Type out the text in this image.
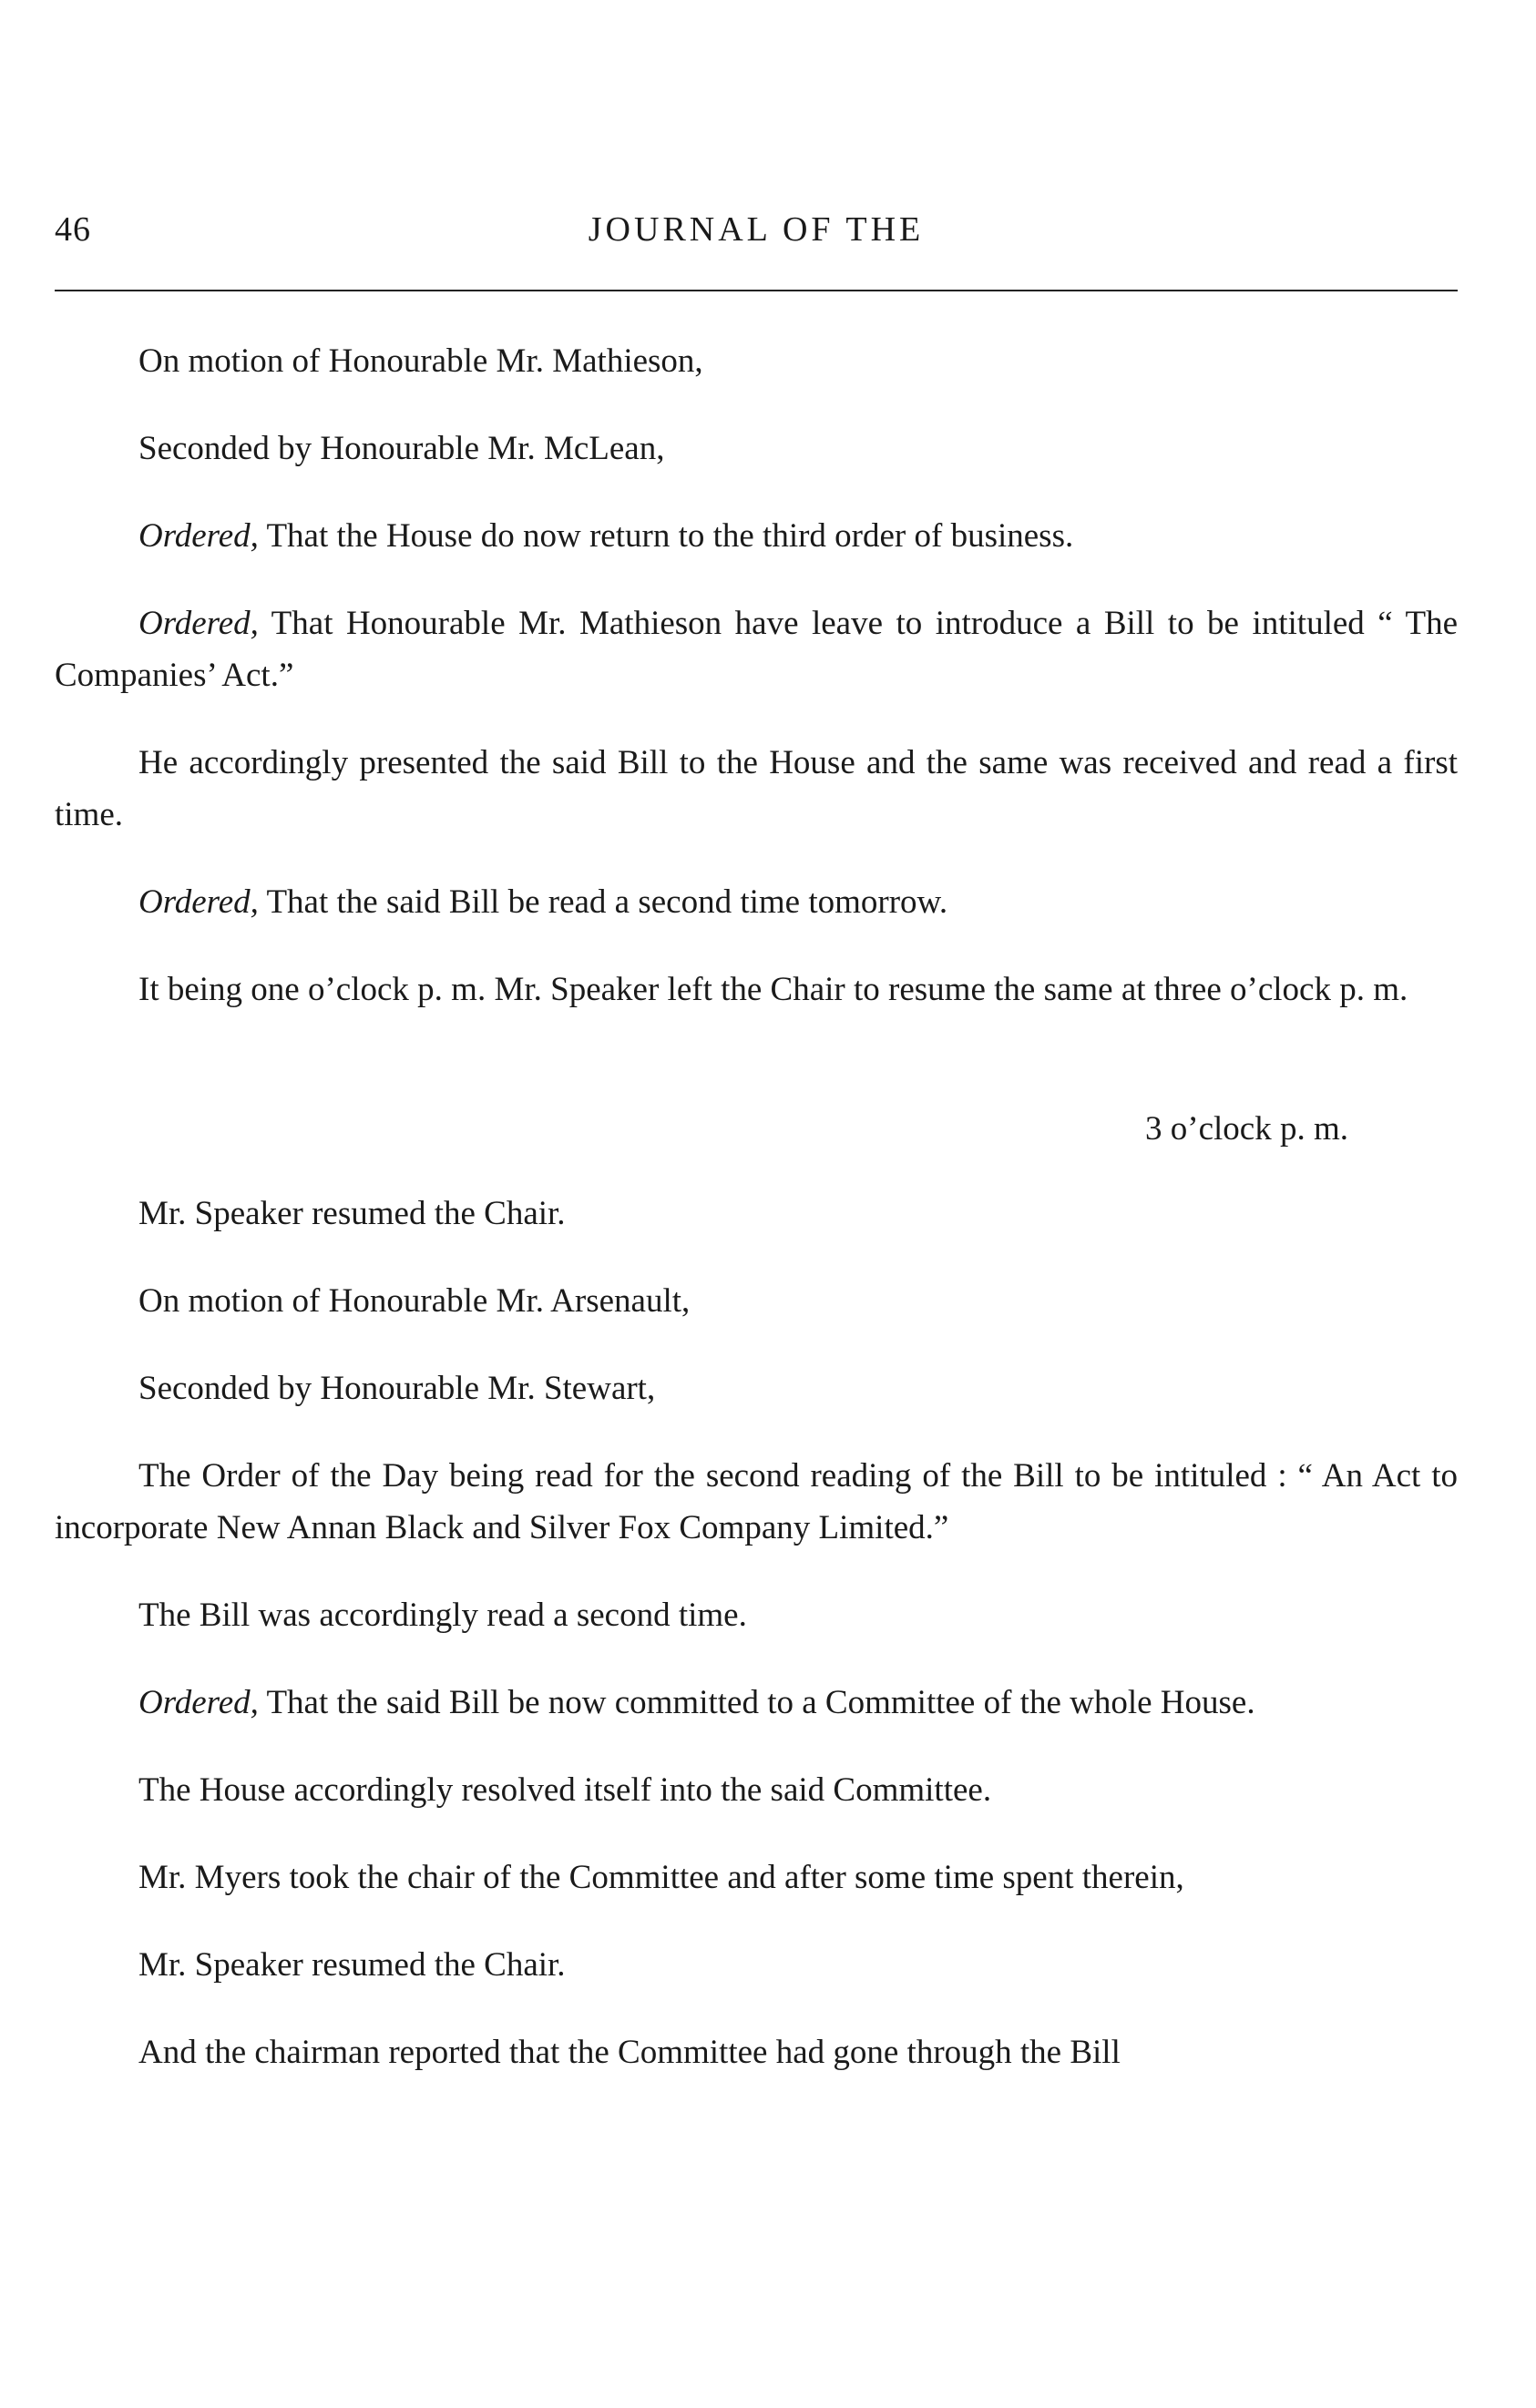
46	JOURNAL OF THE

On motion of Honourable Mr. Mathieson,

Seconded by Honourable Mr. McLean,

Ordered, That the House do now return to the third order of business.

Ordered, That Honourable Mr. Mathieson have leave to introduce a Bill to be intituled “ The Companies’ Act.”

He accordingly presented the said Bill to the House and the same was received and read a first time.

Ordered, That the said Bill be read a second time tomorrow.

It being one o’clock p. m. Mr. Speaker left the Chair to resume the same at three o’clock p. m.

3 o’clock p. m.

Mr. Speaker resumed the Chair.

On motion of Honourable Mr. Arsenault,

Seconded by Honourable Mr. Stewart,

The Order of the Day being read for the second reading of the Bill to be intituled : “ An Act to incorporate New Annan Black and Silver Fox Company Limited.”

The Bill was accordingly read a second time.

Ordered, That the said Bill be now committed to a Committee of the whole House.

The House accordingly resolved itself into the said Committee.

Mr. Myers took the chair of the Committee and after some time spent therein,

Mr. Speaker resumed the Chair.

And the chairman reported that the Committee had gone through the Bill
